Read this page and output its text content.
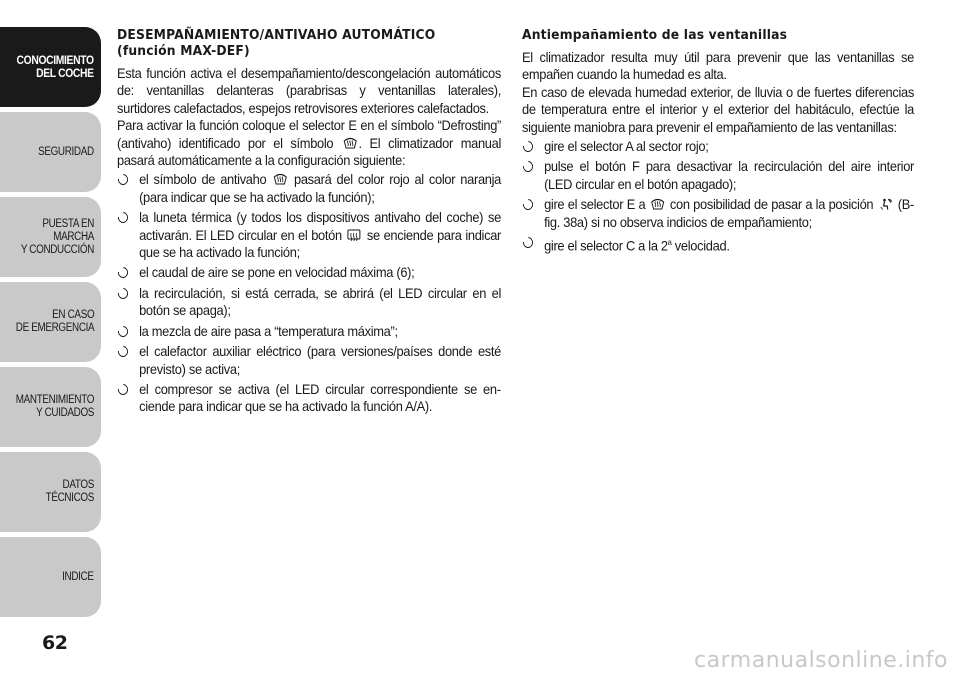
CONOCIMIENTO
DEL COCHE
SEGURIDAD
PUESTA EN MARCHA
Y CONDUCCIÓN
EN CASO
DE EMERGENCIA
MANTENIMIENTO
Y CUIDADOS
DATOS TÉCNICOS
INDICE
62
DESEMPAÑAMIENTO/ANTIVAHO AUTOMÁTICO
(función MAX-DEF)

Esta función activa el desempañamiento/descongelación automáticos de: ventanillas delanteras (parabrisas y ventanillas laterales), surtidores calefactados, espejos retrovisores exteriores calefactados.

Para activar la función coloque el selector E en el símbolo “Defrosting” (antivaho) identificado por el símbolo . El climatizador manual pasará automáticamente a la configuración siguiente:

el símbolo de antivaho pasará del color rojo al color naranja (para indicar que se ha activado la función);
la luneta térmica (y todos los dispositivos antivaho del coche) se activarán. El LED circular en el botón se enciende para indicar que se ha activado la función;
el caudal de aire se pone en velocidad máxima (6);
la recirculación, si está cerrada, se abrirá (el LED circular en el botón se apaga);
la mezcla de aire pasa a “temperatura máxima”;
el calefactor auxiliar eléctrico (para versiones/países donde esté previsto) se activa;
el compresor se activa (el LED circular correspondiente se enciende para indicar que se ha activado la función A/A).
Antiempañamiento de las ventanillas

El climatizador resulta muy útil para prevenir que las ventanillas se empañen cuando la humedad es alta.

En caso de elevada humedad exterior, de lluvia o de fuertes diferencias de temperatura entre el interior y el exterior del habitáculo, efectúe la siguiente maniobra para prevenir el empañamiento de las ventanillas:

gire el selector A al sector rojo;
pulse el botón F para desactivar la recirculación del aire interior (LED circular en el botón apagado);
gire el selector E a con posibilidad de pasar a la posición (B-fig. 38a) si no observa indicios de empañamiento;
gire el selector C a la 2$^a$ velocidad.
carmanualsonline.info
